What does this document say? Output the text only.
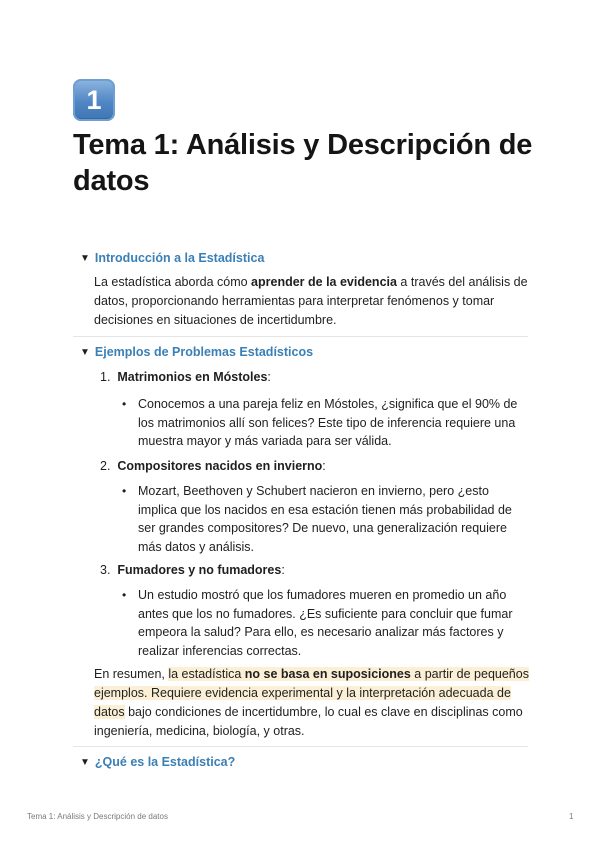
1
Tema 1: Análisis y Descripción de datos
▼ Introducción a la Estadística

La estadística aborda cómo aprender de la evidencia a través del análisis de datos, proporcionando herramientas para interpretar fenómenos y tomar decisiones en situaciones de incertidumbre.

▼ Ejemplos de Problemas Estadísticos
1. Matrimonios en Móstoles:
• Conocemos a una pareja feliz en Móstoles, ¿significa que el 90% de los matrimonios allí son felices? Este tipo de inferencia requiere una muestra mayor y más variada para ser válida.

2. Compositores nacidos en invierno:
• Mozart, Beethoven y Schubert nacieron en invierno, pero ¿esto implica que los nacidos en esa estación tienen más probabilidad de ser grandes compositores? De nuevo, una generalización requiere más datos y análisis.

3. Fumadores y no fumadores:
• Un estudio mostró que los fumadores mueren en promedio un año antes que los no fumadores. ¿Es suficiente para concluir que fumar empeora la salud? Para ello, es necesario analizar más factores y realizar inferencias correctas.

En resumen, la estadística no se basa en suposiciones a partir de pequeños ejemplos. Requiere evidencia experimental y la interpretación adecuada de datos bajo condiciones de incertidumbre, lo cual es clave en disciplinas como ingeniería, medicina, biología, y otras.

▼ ¿Qué es la Estadística?
Tema 1: Análisis y Descripción de datos	1
